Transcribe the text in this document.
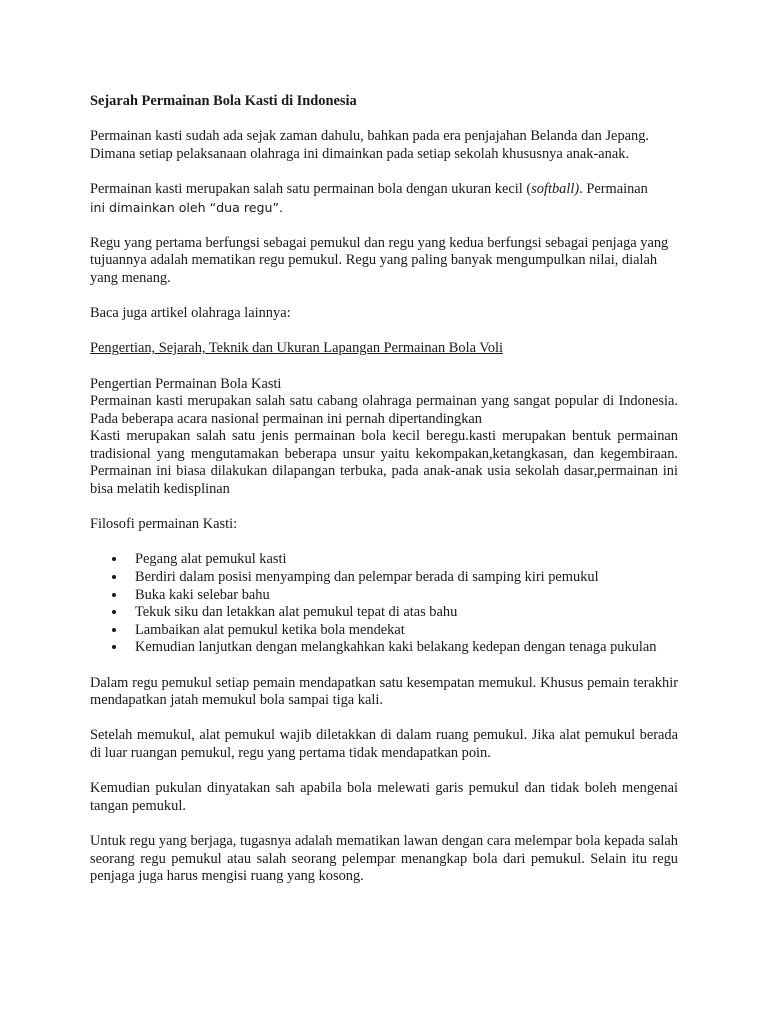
Sejarah Permainan Bola Kasti di Indonesia

Permainan kasti sudah ada sejak zaman dahulu, bahkan pada era penjajahan Belanda dan Jepang. Dimana setiap pelaksanaan olahraga ini dimainkan pada setiap sekolah khususnya anak-anak.

Permainan kasti merupakan salah satu permainan bola dengan ukuran kecil (softball). Permainan
ini dimainkan oleh “dua regu”.

Regu yang pertama berfungsi sebagai pemukul dan regu yang kedua berfungsi sebagai penjaga yang tujuannya adalah mematikan regu pemukul. Regu yang paling banyak mengumpulkan nilai, dialah yang menang.

Baca juga artikel olahraga lainnya:

Pengertian, Sejarah, Teknik dan Ukuran Lapangan Permainan Bola Voli

Pengertian Permainan Bola Kasti
Permainan kasti merupakan salah satu cabang olahraga permainan yang sangat popular di Indonesia. Pada beberapa acara nasional permainan ini pernah dipertandingkan
Kasti merupakan salah satu jenis permainan bola kecil beregu.kasti merupakan bentuk permainan tradisional yang mengutamakan beberapa unsur yaitu kekompakan,ketangkasan, dan kegembiraan. Permainan ini biasa dilakukan dilapangan terbuka, pada anak-anak usia sekolah dasar,permainan ini bisa melatih kedisplinan

Filosofi permainan Kasti:

• Pegang alat pemukul kasti
• Berdiri dalam posisi menyamping dan pelempar berada di samping kiri pemukul
• Buka kaki selebar bahu
• Tekuk siku dan letakkan alat pemukul tepat di atas bahu
• Lambaikan alat pemukul ketika bola mendekat
• Kemudian lanjutkan dengan melangkahkan kaki belakang kedepan dengan tenaga pukulan

Dalam regu pemukul setiap pemain mendapatkan satu kesempatan memukul. Khusus pemain terakhir mendapatkan jatah memukul bola sampai tiga kali.

Setelah memukul, alat pemukul wajib diletakkan di dalam ruang pemukul. Jika alat pemukul berada di luar ruangan pemukul, regu yang pertama tidak mendapatkan poin.

Kemudian pukulan dinyatakan sah apabila bola melewati garis pemukul dan tidak boleh mengenai tangan pemukul.

Untuk regu yang berjaga, tugasnya adalah mematikan lawan dengan cara melempar bola kepada salah seorang regu pemukul atau salah seorang pelempar menangkap bola dari pemukul. Selain itu regu penjaga juga harus mengisi ruang yang kosong.
